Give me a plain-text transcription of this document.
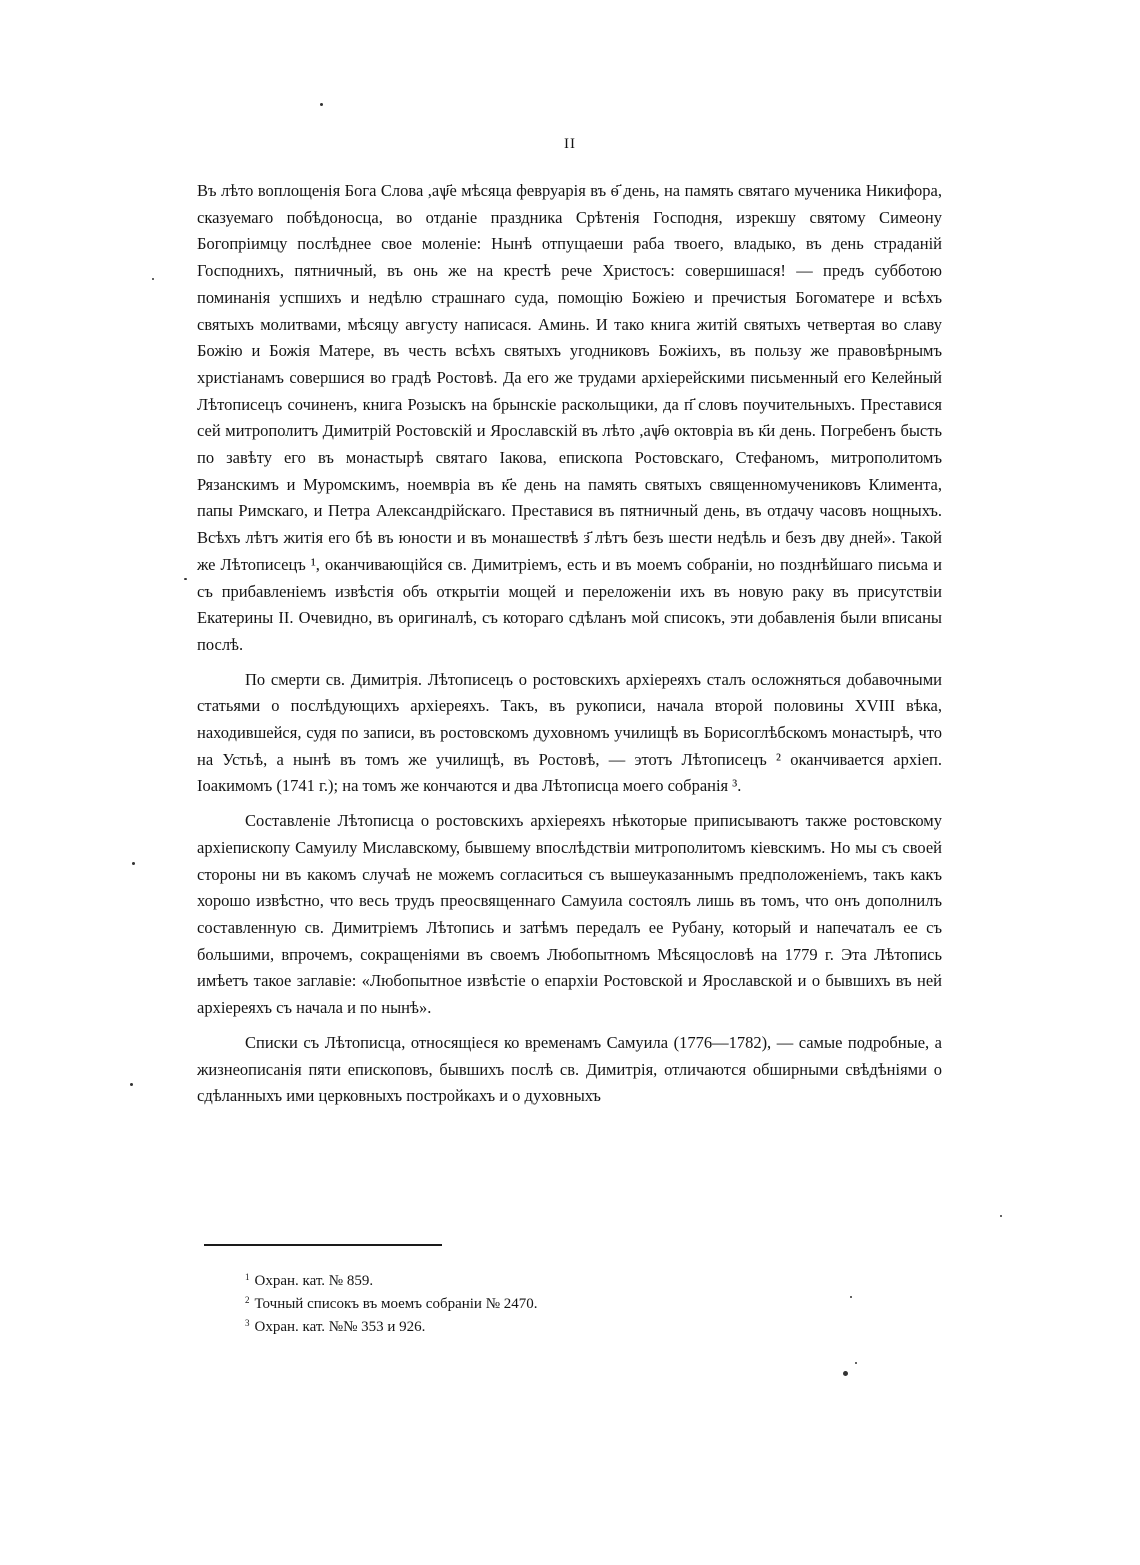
II

Въ лѣто воплощенія Бога Слова ,аѱ҃е мѣсяца февруарія въ ѳ҃ день, на память святаго мученика Никифора, сказуемаго побѣдоносца, во отданіе праздника Срѣтенія Господня, изрекшу святому Симеону Богопріимцу послѣднее свое моленіе: Нынѣ отпущаеши раба твоего, владыко, въ день страданій Господнихъ, пятничный, въ онь же на крестѣ рече Христосъ: совершишася! — предъ субботою поминанія успшихъ и недѣлю страшнаго суда, помощію Божіею и пречистыя Богоматере и всѣхъ святыхъ молитвами, мѣсяцу августу написася. Аминь. И тако книга житій святыхъ четвертая во славу Божію и Божія Матере, въ честь всѣхъ святыхъ угодниковъ Божіихъ, въ пользу же правовѣрнымъ христіанамъ совершися во градѣ Ростовѣ. Да его же трудами архіерейскими письменный его Келейный Лѣтописецъ сочиненъ, книга Розыскъ на брынскіе раскольщики, да п҃ словъ поучительныхъ. Преставися сей митрополитъ Димитрій Ростовскій и Ярославскій въ лѣто ,аѱ҃ѳ октовріа въ к҃и день. Погребенъ бысть по завѣту его въ монастырѣ святаго Іакова, епископа Ростовскаго, Стефаномъ, митрополитомъ Рязанскимъ и Муромскимъ, ноемвріа въ к҃е день на память святыхъ священномучениковъ Климента, папы Римскаго, и Петра Александрійскаго. Преставися въ пятничный день, въ отдачу часовъ нощныхъ. Всѣхъ лѣтъ житія его бѣ въ юности и въ монашествѣ з҃ лѣтъ безъ шести недѣль и безъ дву дней». Такой же Лѣтописецъ ¹, оканчивающійся св. Димитріемъ, есть и въ моемъ собраніи, но позднѣйшаго письма и съ прибавленіемъ извѣстія объ открытіи мощей и переложеніи ихъ въ новую раку въ присутствіи Екатерины II. Очевидно, въ оригиналѣ, съ котораго сдѣланъ мой списокъ, эти добавленія были вписаны послѣ.

По смерти св. Димитрія. Лѣтописецъ о ростовскихъ архіереяхъ сталъ осложняться добавочными статьями о послѣдующихъ архіереяхъ. Такъ, въ рукописи, начала второй половины XVIII вѣка, находившейся, судя по записи, въ ростовскомъ духовномъ училищѣ въ Борисоглѣбскомъ монастырѣ, что на Устьѣ, а нынѣ въ томъ же училищѣ, въ Ростовѣ, — этотъ Лѣтописецъ ² оканчивается архіеп. Іоакимомъ (1741 г.); на томъ же кончаются и два Лѣтописца моего собранія ³.

Составленіе Лѣтописца о ростовскихъ архіереяхъ нѣкоторые приписываютъ также ростовскому архіепископу Самуилу Миславскому, бывшему впослѣдствіи митрополитомъ кіевскимъ. Но мы съ своей стороны ни въ какомъ случаѣ не можемъ согласиться съ вышеуказаннымъ предположеніемъ, такъ какъ хорошо извѣстно, что весь трудъ преосвященнаго Самуила состоялъ лишь въ томъ, что онъ дополнилъ составленную св. Димитріемъ Лѣтопись и затѣмъ передалъ ее Рубану, который и напечаталъ ее съ большими, впрочемъ, сокращеніями въ своемъ Любопытномъ Мѣсяцословѣ на 1779 г. Эта Лѣтопись имѣетъ такое заглавіе: «Любопытное извѣстіе о епархіи Ростовской и Ярославской и о бывшихъ въ ней архіереяхъ съ начала и по нынѣ».

Списки съ Лѣтописца, относящіеся ко временамъ Самуила (1776—1782), — самые подробные, а жизнеописанія пяти епископовъ, бывшихъ послѣ св. Димитрія, отличаются обширными свѣдѣніями о сдѣланныхъ ими церковныхъ постройкахъ и о духовныхъ

$^1$ Охран. кат. № 859.

$^2$ Точный списокъ въ моемъ собраніи № 2470.

$^3$ Охран. кат. №№ 353 и 926.
